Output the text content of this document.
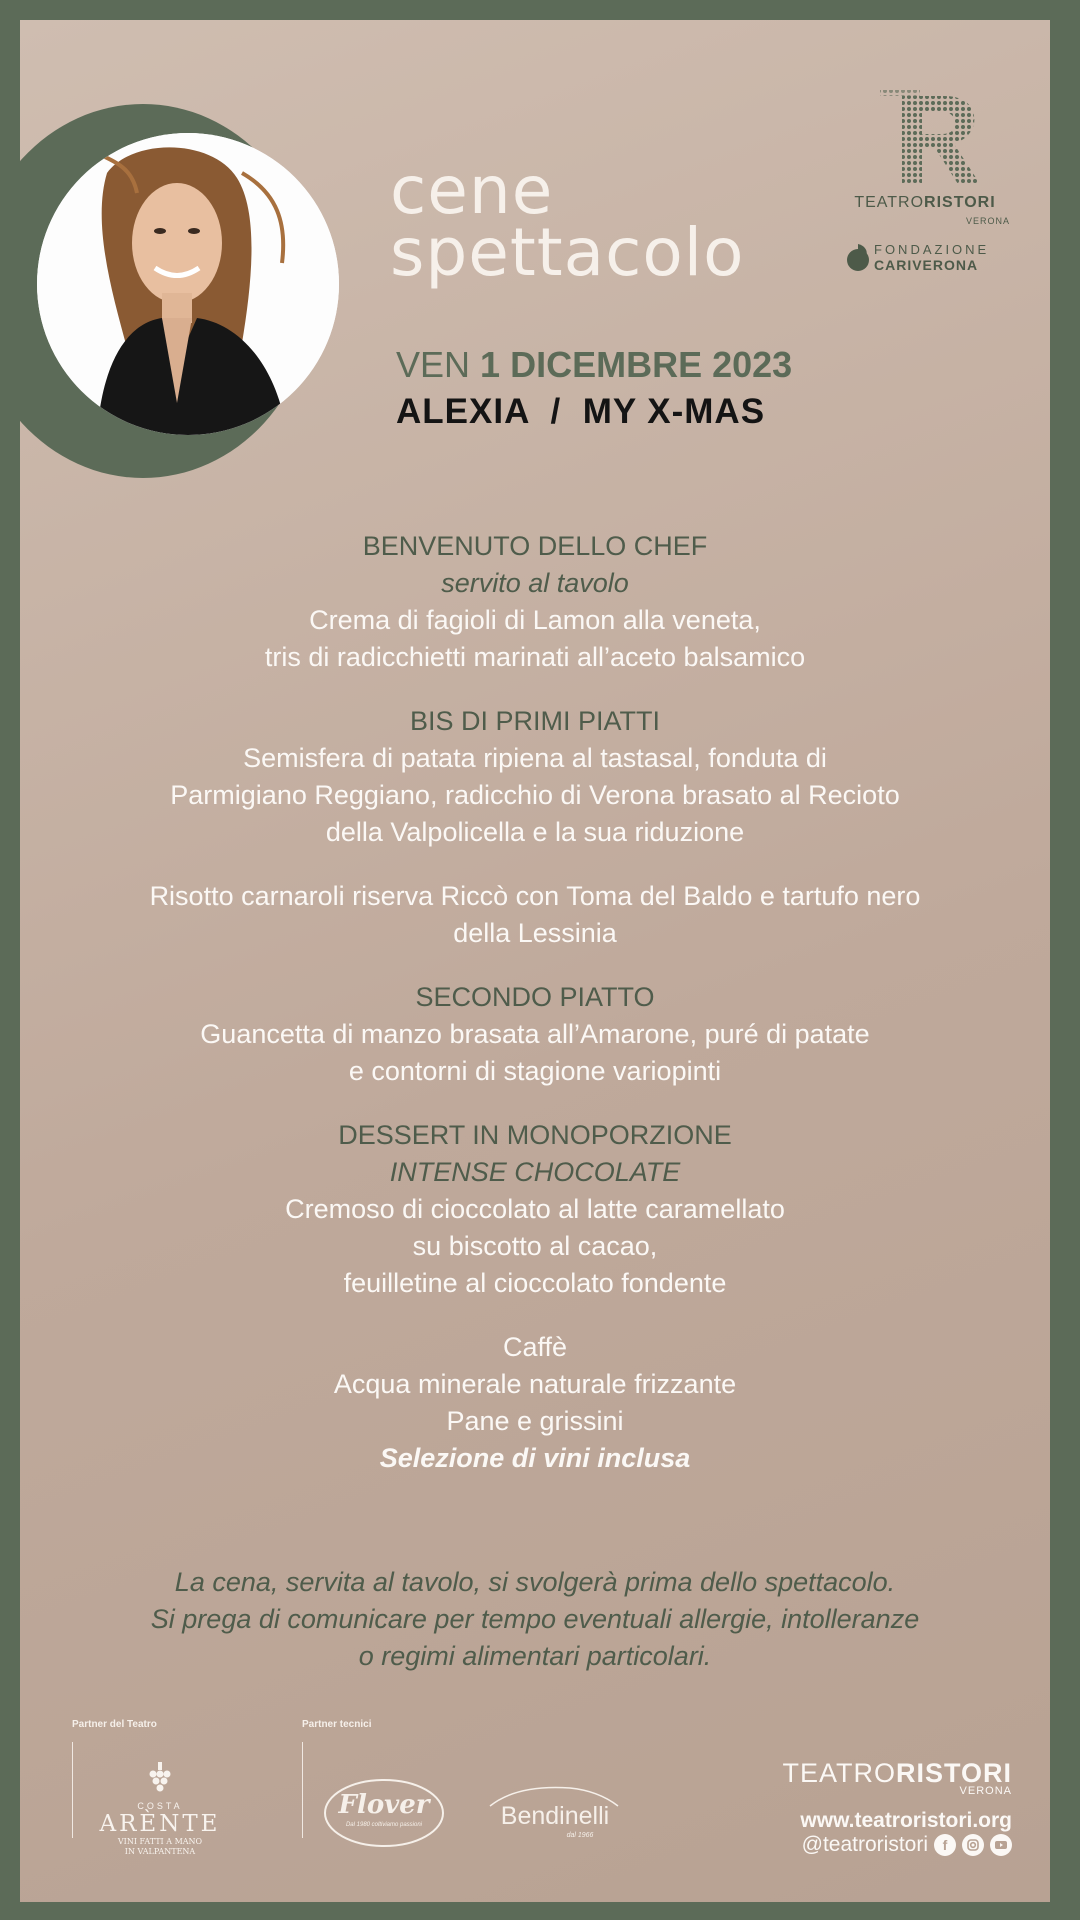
cene
spettacolo
VEN 1 DICEMBRE 2023
ALEXIA / MY X-MAS
TEATRORISTORI
VERONA
FONDAZIONE
CARIVERONA
BENVENUTO DELLO CHEF
servito al tavolo
Crema di fagioli di Lamon alla veneta,
tris di radicchietti marinati all’aceto balsamico
BIS DI PRIMI PIATTI
Semisfera di patata ripiena al tastasal, fonduta di
Parmigiano Reggiano, radicchio di Verona brasato al Recioto
della Valpolicella e la sua riduzione
Risotto carnaroli riserva Riccò con Toma del Baldo e tartufo nero
della Lessinia
SECONDO PIATTO
Guancetta di manzo brasata all’Amarone, puré di patate
e contorni di stagione variopinti
DESSERT IN MONOPORZIONE
INTENSE CHOCOLATE
Cremoso di cioccolato al latte caramellato
su biscotto al cacao,
feuilletine al cioccolato fondente
Caffè
Acqua minerale naturale frizzante
Pane e grissini
Selezione di vini inclusa
La cena, servita al tavolo, si svolgerà prima dello spettacolo.
Si prega di comunicare per tempo eventuali allergie, intolleranze
o regimi alimentari particolari.
Partner del Teatro	Partner tecnici
COSTA
ARÈNTE
VINI FATTI A MANO
IN VALPANTENA
Flover
Dal 1980 coltiviamo passioni	Bendinelli
dal 1966
TEATRORISTORI
VERONA
www.teatroristori.org
@teatroristori	f
